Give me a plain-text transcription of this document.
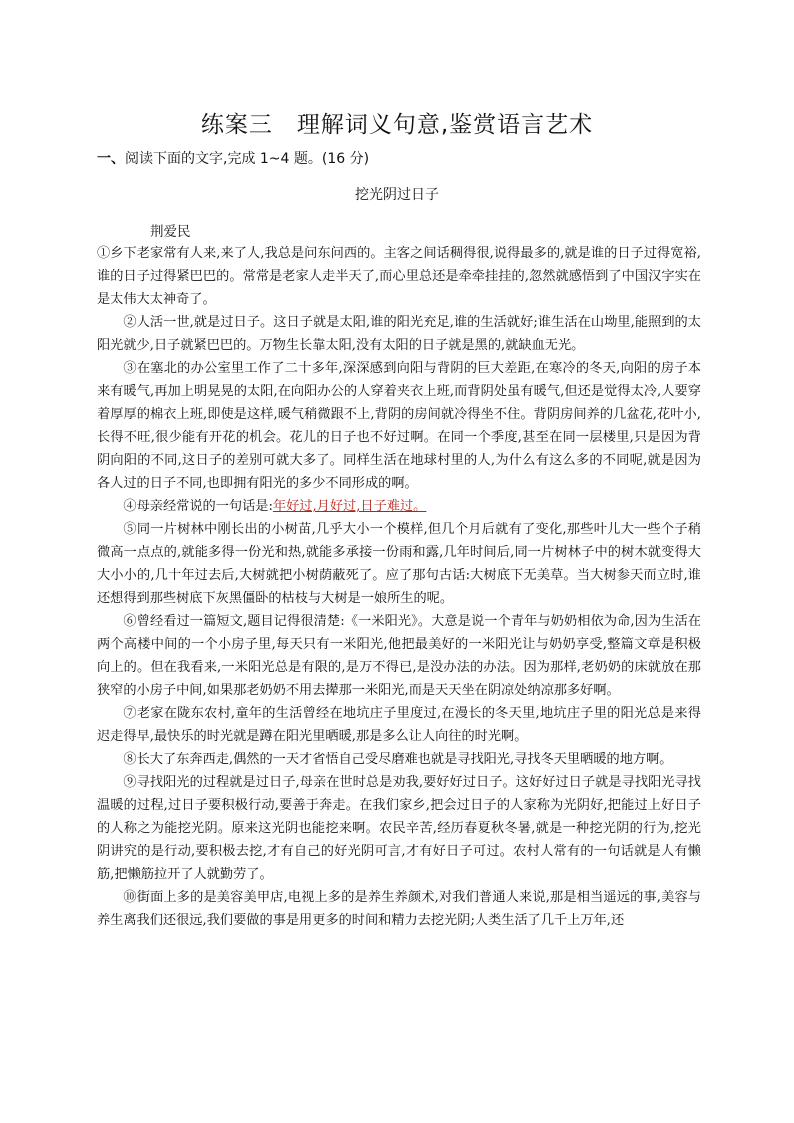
练案三　理解词义句意,鉴赏语言艺术
一、阅读下面的文字,完成 1~4 题。(16 分)
挖光阴过日子
荆爱民

①乡下老家常有人来,来了人,我总是问东问西的。主客之间话稠得很,说得最多的,就是谁的日子过得宽裕,谁的日子过得紧巴巴的。常常是老家人走半天了,而心里总还是牵牵挂挂的,忽然就感悟到了中国汉字实在是太伟大太神奇了。

②人活一世,就是过日子。这日子就是太阳,谁的阳光充足,谁的生活就好;谁生活在山坳里,能照到的太阳光就少,日子就紧巴巴的。万物生长靠太阳,没有太阳的日子就是黑的,就缺血无光。

③在塞北的办公室里工作了二十多年,深深感到向阳与背阴的巨大差距,在寒冷的冬天,向阳的房子本来有暖气,再加上明晃晃的太阳,在向阳办公的人穿着夹衣上班,而背阴处虽有暖气,但还是觉得太冷,人要穿着厚厚的棉衣上班,即使是这样,暖气稍微跟不上,背阴的房间就冷得坐不住。背阴房间养的几盆花,花叶小,长得不旺,很少能有开花的机会。花儿的日子也不好过啊。在同一个季度,甚至在同一层楼里,只是因为背阴向阳的不同,这日子的差别可就大多了。同样生活在地球村里的人,为什么有这么多的不同呢,就是因为各人过的日子不同,也即拥有阳光的多少不同形成的啊。

④母亲经常说的一句话是:年好过,月好过,日子难过。

⑤同一片树林中刚长出的小树苗,几乎大小一个模样,但几个月后就有了变化,那些叶儿大一些个子稍微高一点点的,就能多得一份光和热,就能多承接一份雨和露,几年时间后,同一片树林子中的树木就变得大大小小的,几十年过去后,大树就把小树荫蔽死了。应了那句古话:大树底下无美草。当大树参天而立时,谁还想得到那些树底下灰黑僵卧的枯枝与大树是一娘所生的呢。

⑥曾经看过一篇短文,题目记得很清楚:《一米阳光》。大意是说一个青年与奶奶相依为命,因为生活在两个高楼中间的一个小房子里,每天只有一米阳光,他把最美好的一米阳光让与奶奶享受,整篇文章是积极向上的。但在我看来,一米阳光总是有限的,是万不得已,是没办法的办法。因为那样,老奶奶的床就放在那狭窄的小房子中间,如果那老奶奶不用去撵那一米阳光,而是天天坐在阴凉处纳凉那多好啊。

⑦老家在陇东农村,童年的生活曾经在地坑庄子里度过,在漫长的冬天里,地坑庄子里的阳光总是来得迟走得早,最快乐的时光就是蹲在阳光里晒暖,那是多么让人向往的时光啊。

⑧长大了东奔西走,偶然的一天才省悟自己受尽磨难也就是寻找阳光,寻找冬天里晒暖的地方啊。

⑨寻找阳光的过程就是过日子,母亲在世时总是劝我,要好好过日子。这好好过日子就是寻找阳光寻找温暖的过程,过日子要积极行动,要善于奔走。在我们家乡,把会过日子的人家称为光阴好,把能过上好日子的人称之为能挖光阴。原来这光阴也能挖来啊。农民辛苦,经历春夏秋冬暑,就是一种挖光阴的行为,挖光阴讲究的是行动,要积极去挖,才有自己的好光阴可言,才有好日子可过。农村人常有的一句话就是人有懒筋,把懒筋拉开了人就勤劳了。

⑩街面上多的是美容美甲店,电视上多的是养生养颜术,对我们普通人来说,那是相当遥远的事,美容与养生离我们还很远,我们要做的事是用更多的时间和精力去挖光阴;人类生活了几千上万年,还
